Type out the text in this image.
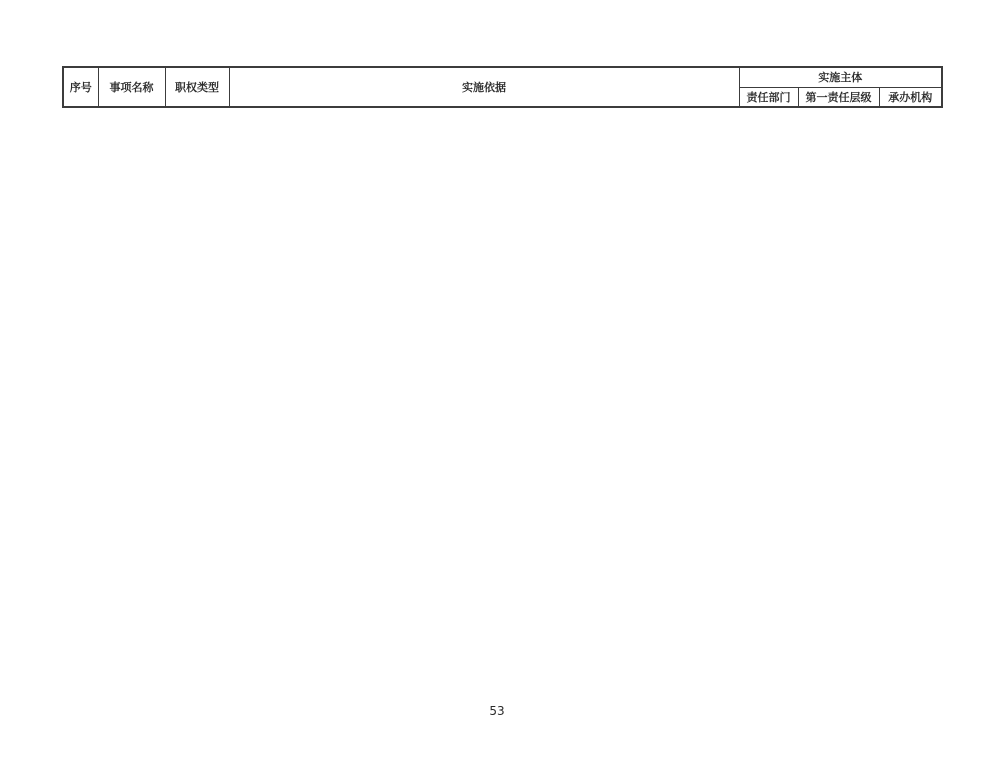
序号	事项名称	职权类型	实施依据	实施主体		
				责任部门	第一责任层级	承办机构
53
